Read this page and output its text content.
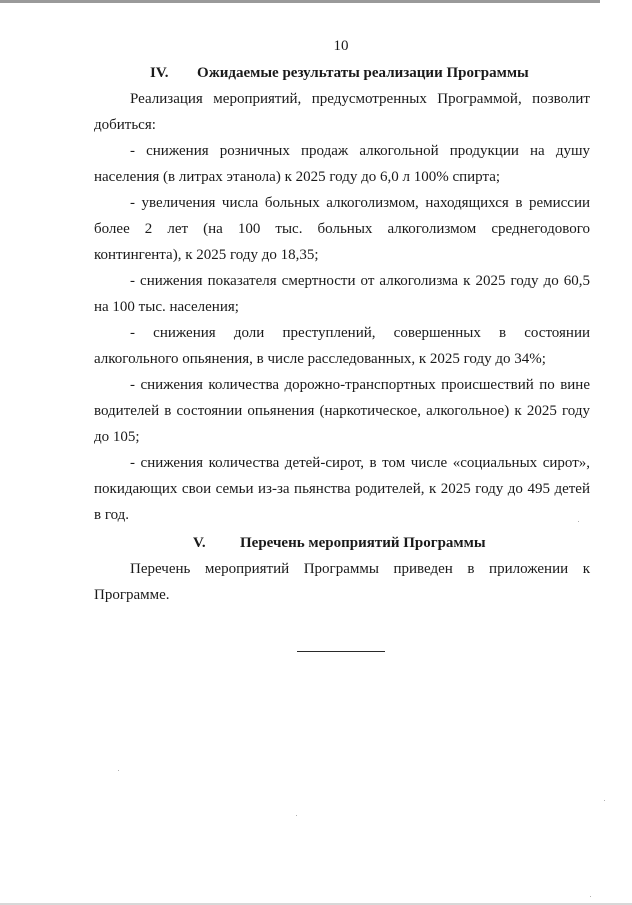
10
IV. Ожидаемые результаты реализации Программы

Реализация мероприятий, предусмотренных Программой, позволит добиться:

- снижения розничных продаж алкогольной продукции на душу населения (в литрах этанола) к 2025 году до 6,0 л 100% спирта;

- увеличения числа больных алкоголизмом, находящихся в ремиссии более 2 лет (на 100 тыс. больных алкоголизмом среднегодового контингента), к 2025 году до 18,35;

- снижения показателя смертности от алкоголизма к 2025 году до 60,5 на 100 тыс. населения;

- снижения доли преступлений, совершенных в состоянии алкогольного опьянения, в числе расследованных, к 2025 году до 34%;

- снижения количества дорожно-транспортных происшествий по вине водителей в состоянии опьянения (наркотическое, алкогольное) к 2025 году до 105;

- снижения количества детей-сирот, в том числе «социальных сирот», покидающих свои семьи из-за пьянства родителей, к 2025 году до 495 детей в год.

V. Перечень мероприятий Программы

Перечень мероприятий Программы приведен в приложении к Программе.
